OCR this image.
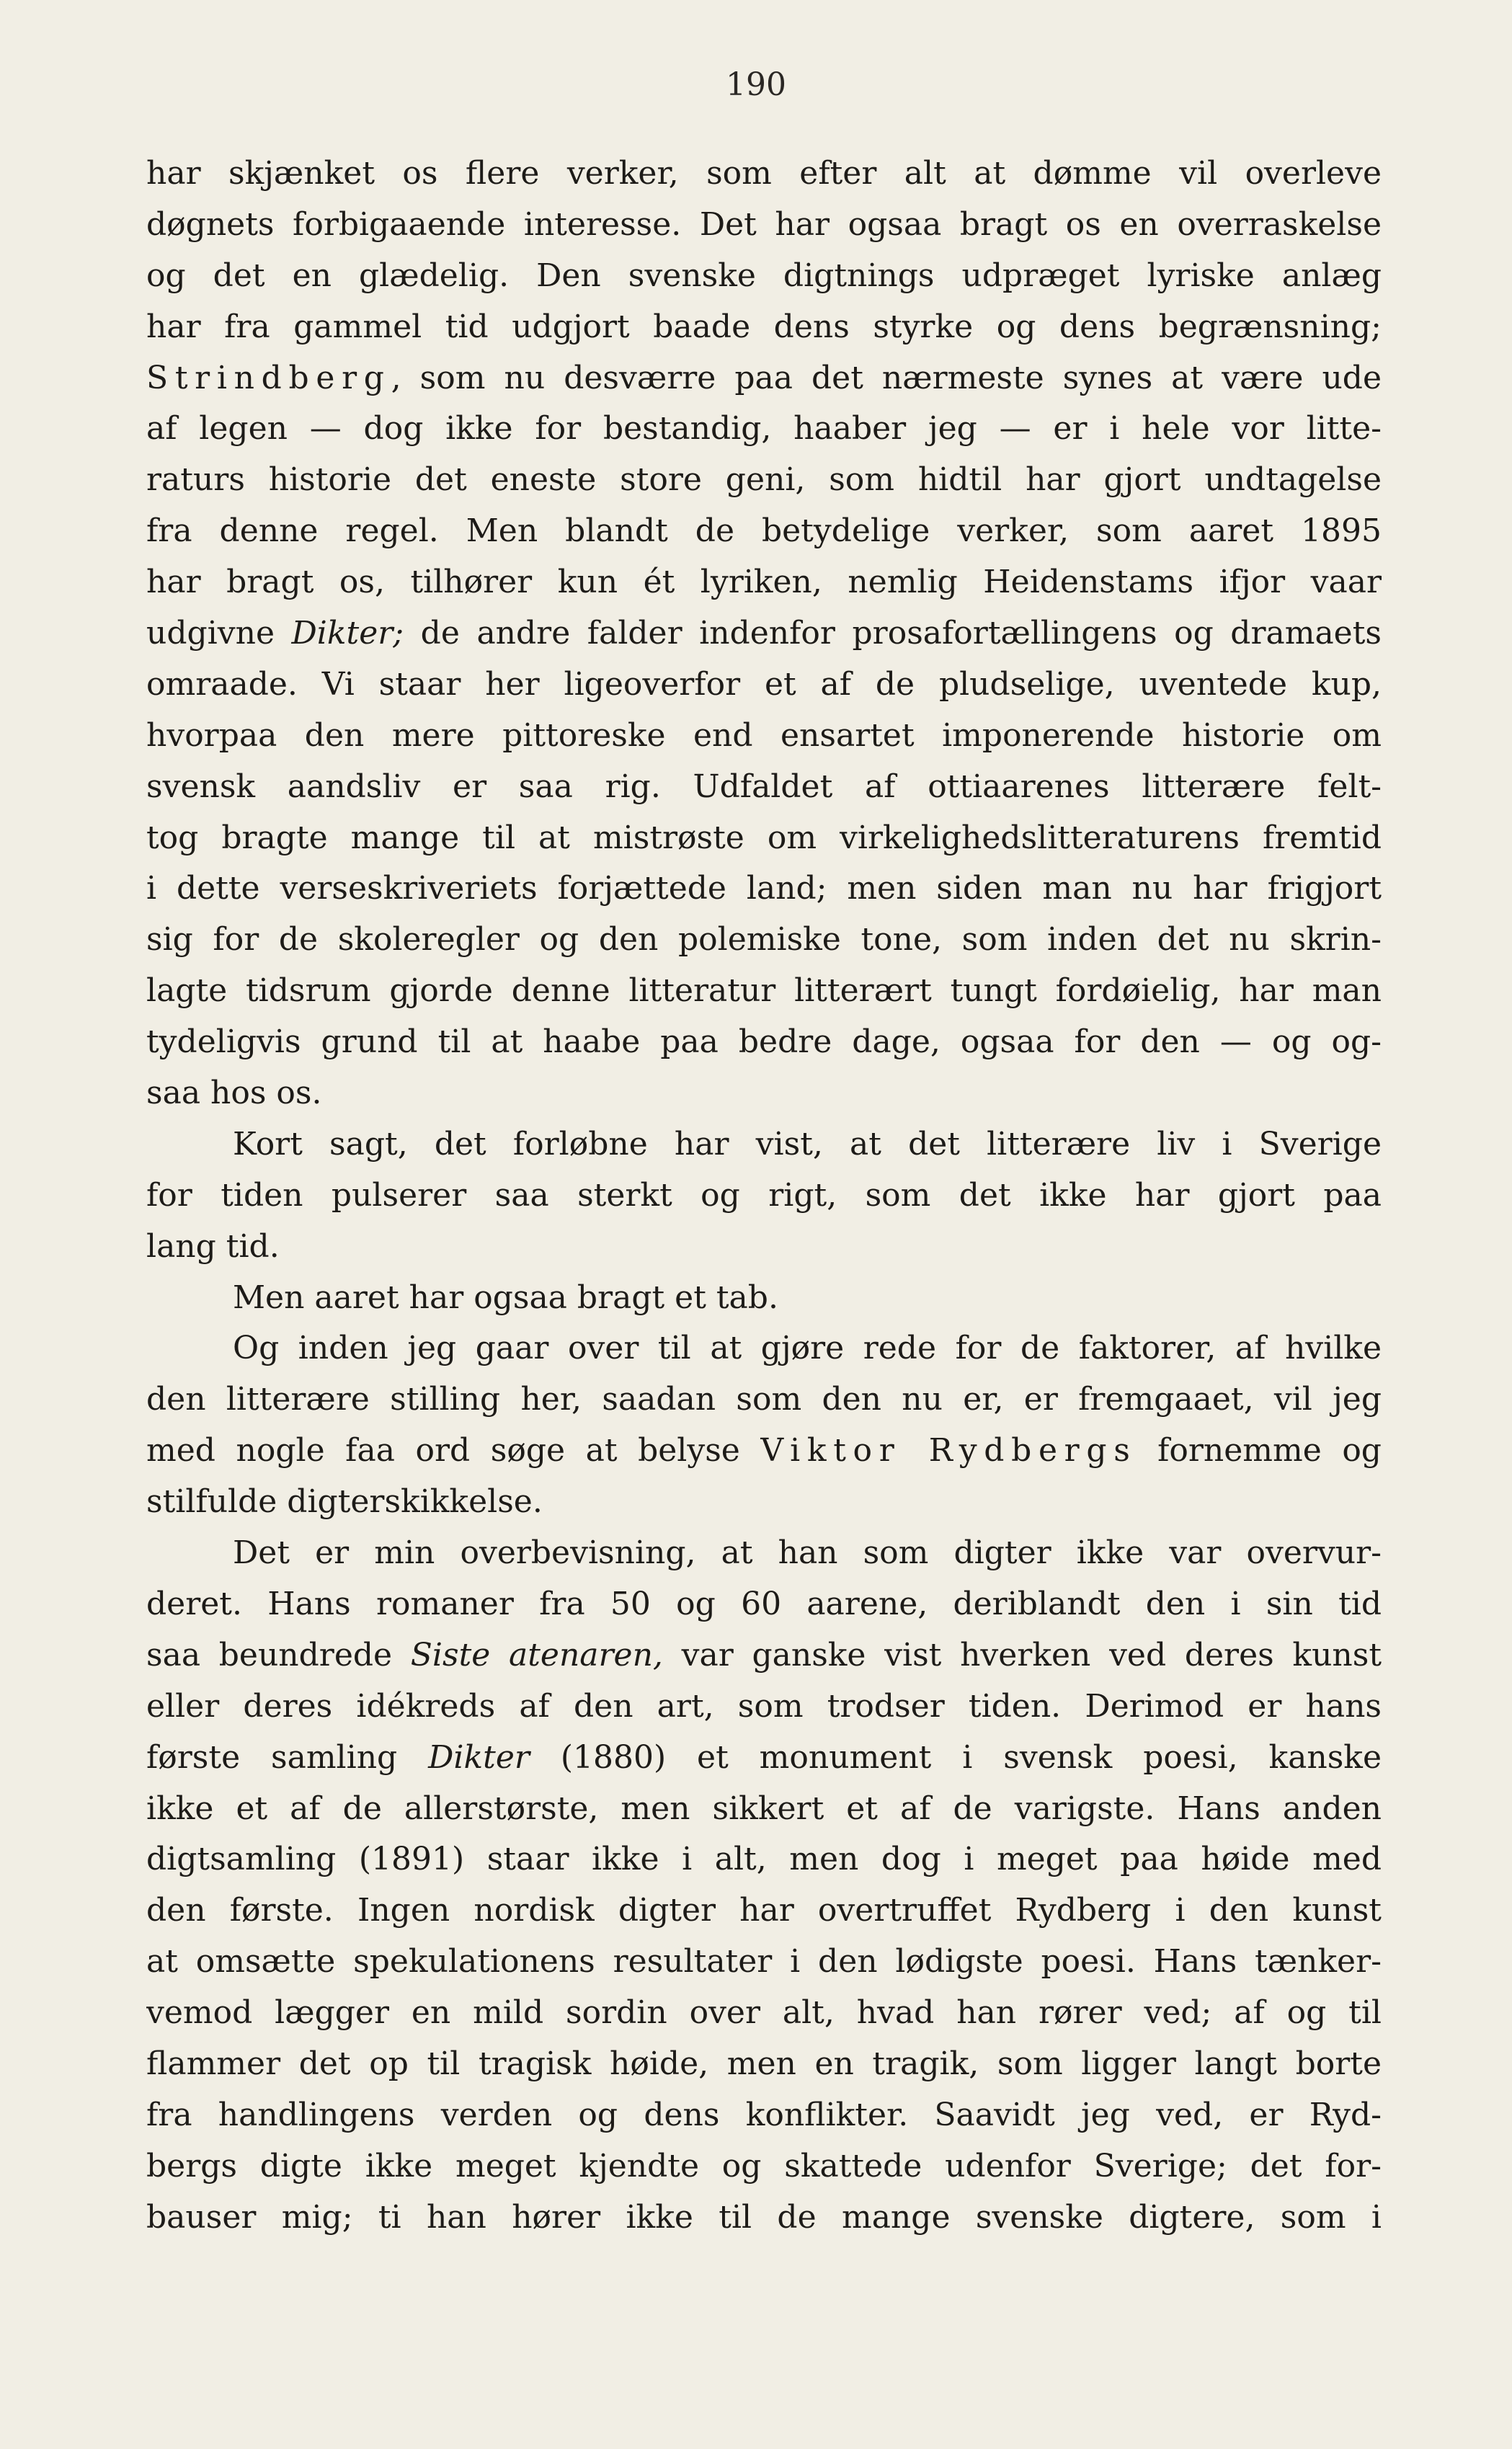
190
har skjænket os flere verker, som efter alt at dømme vil overleve
døgnets forbigaaende interesse. Det har ogsaa bragt os en overraskelse
og det en glædelig. Den svenske digtnings udpræget lyriske anlæg
har fra gammel tid udgjort baade dens styrke og dens begrænsning;
Strindberg, som nu desværre paa det nærmeste synes at være ude
af legen — dog ikke for bestandig, haaber jeg — er i hele vor litte-
raturs historie det eneste store geni, som hidtil har gjort undtagelse
fra denne regel. Men blandt de betydelige verker, som aaret 1895
har bragt os, tilhører kun ét lyriken, nemlig Heidenstams ifjor vaar
udgivne Dikter; de andre falder indenfor prosafortællingens og dramaets
omraade. Vi staar her ligeoverfor et af de pludselige, uventede kup,
hvorpaa den mere pittoreske end ensartet imponerende historie om
svensk aandsliv er saa rig. Udfaldet af ottiaarenes litterære felt-
tog bragte mange til at mistrøste om virkelighedslitteraturens fremtid
i dette verseskriveriets forjættede land; men siden man nu har frigjort
sig for de skoleregler og den polemiske tone, som inden det nu skrin-
lagte tidsrum gjorde denne litteratur litterært tungt fordøielig, har man
tydeligvis grund til at haabe paa bedre dage, ogsaa for den — og og-
saa hos os.
Kort sagt, det forløbne har vist, at det litterære liv i Sverige
for tiden pulserer saa sterkt og rigt, som det ikke har gjort paa
lang tid.
Men aaret har ogsaa bragt et tab.
Og inden jeg gaar over til at gjøre rede for de faktorer, af hvilke
den litterære stilling her, saadan som den nu er, er fremgaaet, vil jeg
med nogle faa ord søge at belyse Viktor Rydbergs fornemme og
stilfulde digterskikkelse.
Det er min overbevisning, at han som digter ikke var overvur-
deret. Hans romaner fra 50 og 60 aarene, deriblandt den i sin tid
saa beundrede Siste atenaren, var ganske vist hverken ved deres kunst
eller deres idékreds af den art, som trodser tiden. Derimod er hans
første samling Dikter (1880) et monument i svensk poesi, kanske
ikke et af de allerstørste, men sikkert et af de varigste. Hans anden
digtsamling (1891) staar ikke i alt, men dog i meget paa høide med
den første. Ingen nordisk digter har overtruffet Rydberg i den kunst
at omsætte spekulationens resultater i den lødigste poesi. Hans tænker-
vemod lægger en mild sordin over alt, hvad han rører ved; af og til
flammer det op til tragisk høide, men en tragik, som ligger langt borte
fra handlingens verden og dens konflikter. Saavidt jeg ved, er Ryd-
bergs digte ikke meget kjendte og skattede udenfor Sverige; det for-
bauser mig; ti han hører ikke til de mange svenske digtere, som i
